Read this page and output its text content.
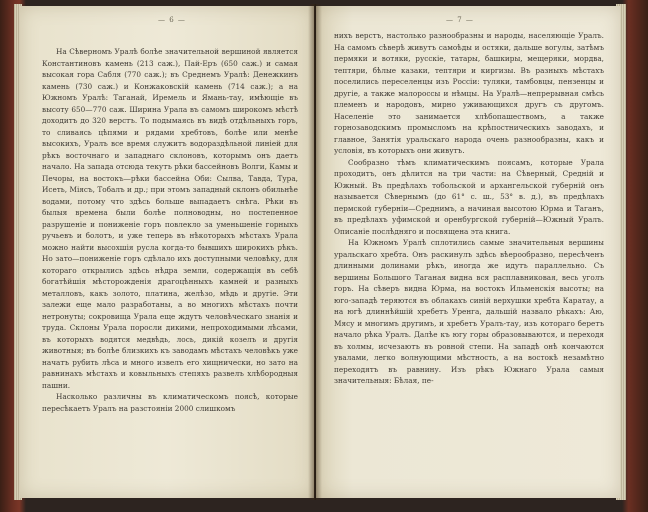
— 6 —

На Сѣверномъ Уралѣ болѣе значительной вершиной является Константиновъ камень (213 саж.), Пай-Еръ (650 саж.) и самая высокая гора Сабля (770 саж.); въ Среднемъ Уралѣ: Денежкинъ камень (730 саж.) и Конжаковскій камень (714 саж.); а на Южномъ Уралѣ: Таганай, Иремель и Ямань-тау, имѣющіе въ высоту 650—770 саж. Ширина Урала въ самомъ широкомъ мѣстѣ доходитъ до 320 верстъ. То подымаясь въ видѣ отдѣльныхъ горъ, то сливаясь цѣпями и рядами хребтовъ, болѣе или менѣе высокихъ, Уралъ все время служитъ водораздѣльной линіей для рѣкъ восточнаго и западнаго склоновъ, которымъ онъ даетъ начало. На запада отсюда текутъ рѣки бассейновъ Волги, Камы и Печоры, на востокъ—рѣки бассейна Оби: Сылва, Тавда, Тура, Исеть, Міясъ, Тобалъ и др.; при этомъ западный склонъ обильнѣе водами, потому что здѣсь больше выпадаетъ снѣга. Рѣки въ былыя времена были болѣе полноводны, но постепенное разрушеніе и пониженіе горъ повлекло за уменьшеніе горныхъ ручьевъ и болотъ, и уже теперь въ нѣкоторыхъ мѣстахъ Урала можно найти высохшія русла когда-то бывшихъ широкихъ рѣкъ. Но зато—пониженіе горъ сдѣлало ихъ доступными человѣку, для котораго открылись здѣсь нѣдра земли, содержащія въ себѣ богатѣйшія мѣсторожденія драгоцѣнныхъ камней и разныхъ металловъ, какъ золото, платина, желѣзо, мѣдь и другіе. Эти залежи еще мало разработаны, а во многихъ мѣстахъ почти нетронуты; сокровища Урала еще ждутъ человѣческаго знанія и труда. Склоны Урала поросли дикими, непроходимыми лѣсами, въ которыхъ водятся медвѣдь, лось, дикій козелъ и другія животныя; въ болѣе близкихъ къ заводамъ мѣстахъ человѣкъ уже начатъ рубить лѣса и много извелъ его хищнически, но зато на равнинахъ мѣстахъ и ковыльныхъ степяхъ развелъ хлѣбородныя пашни.

Насколько различны въ климатическомъ поясѣ, которые пересѣкаетъ Уралъ на разстояніи 2000 слишкомъ

— 7 —

нихъ верстъ, настолько разнообразны и народы, населяющіе Уралъ. На самомъ сѣверѣ живутъ самоѣды и остяки, дальше вогулы, затѣмъ пермяки и вотяки, русскіе, татары, башкиры, мещеряки, мордва, тептяри, бѣлые казаки, тептяри и киргизы. Въ разныхъ мѣстахъ поселились переселенцы изъ Россіи: туляки, тамбовцы, пензенцы и другіе, а также малороссы и нѣмцы. На Уралѣ—непрерывная смѣсь племенъ и народовъ, мирно уживающихся другъ съ другомъ. Населеніе это занимается хлѣбопашествомъ, а также горнозаводскимъ промысломъ на крѣпостническихъ заводахъ, и главное, Занятія уральскаго народа очень разнообразны, какъ и условія, въ которыхъ они живутъ.

Сообразно тѣмъ климатическимъ поясамъ, которые Урала проходитъ, онъ дѣлится на три части: на Сѣверный, Средній и Южный. Въ предѣлахъ тобольской и архангельской губерній онъ называется Сѣвернымъ (до 61° с. ш., 53° в. д.), въ предѣлахъ пермской губерніи—Среднимъ, а начиная высотою Юрма и Таганъ, въ предѣлахъ уфимской и оренбургской губерній—Южный Уралъ. Описаніе послѣдняго и посвящена эта книга.

На Южномъ Уралѣ сплотились самые значительныя вершины уральскаго хребта. Онъ раскинулъ здѣсь вѣерообразно, пересѣченъ длинными долинами рѣкъ, иногда же идутъ параллельно. Съ вершины Большого Таганая видна вся расплавниковая, весь уголъ горъ. На сѣверъ видна Юрма, на востокъ Ильменскія высоты; на юго-западѣ теряются въ облакахъ синій верхушки хребта Каратау, а на югѣ длиннѣйшій хребетъ Уренга, дальшій назвало рѣкахъ: Аю, Мясу и многимъ другимъ, и хребетъ Уралъ-тау, изъ котораго беретъ начало рѣка Уралъ. Далѣе къ югу горы образовываются, и переходя въ холмы, исчезаютъ въ ровной степи. На западѣ онѣ кончаются увалами, легко волнующими мѣстность, а на востокѣ незамѣтно переходятъ въ равнину. Изъ рѣкъ Южнаго Урала самыя значительныя: Бѣлая, пе-
